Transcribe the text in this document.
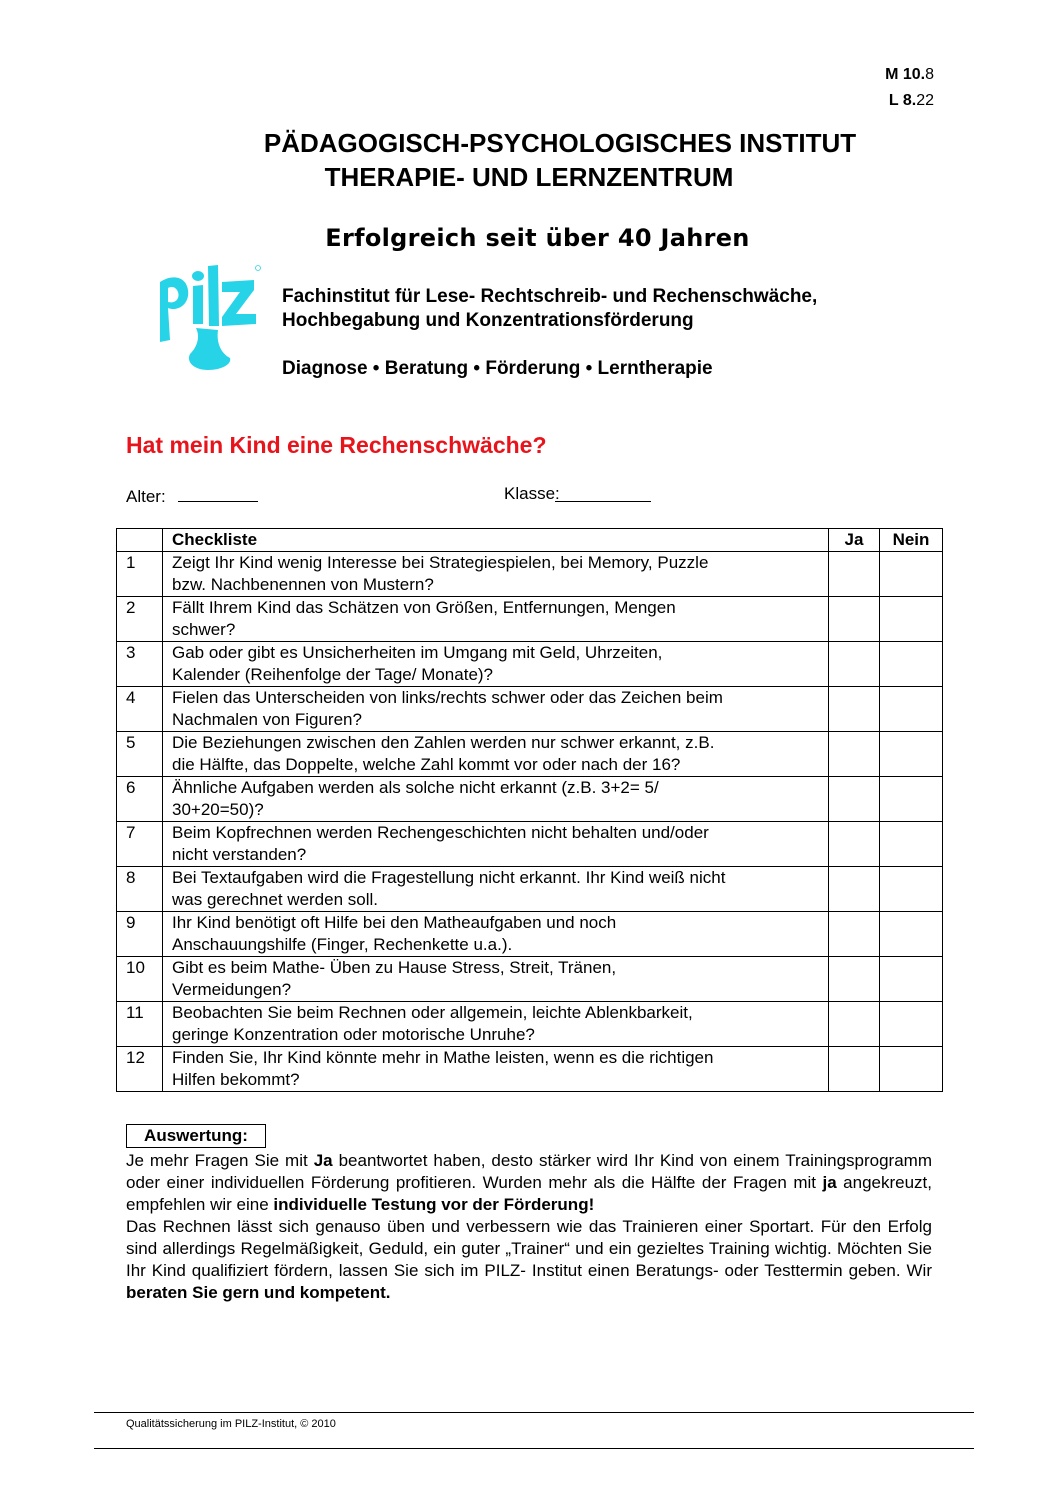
M 10.8
L 8.22
PÄDAGOGISCH-PSYCHOLOGISCHES INSTITUT
THERAPIE- UND LERNZENTRUM
Erfolgreich seit über 40 Jahren
Fachinstitut für Lese- Rechtschreib- und Rechenschwäche,
Hochbegabung und Konzentrationsförderung
Diagnose • Beratung • Förderung • Lerntherapie
Hat mein Kind eine Rechenschwäche?
Alter:	Klasse:
	Checkliste	Ja	Nein
1	Zeigt Ihr Kind wenig Interesse bei Strategiespielen, bei Memory, Puzzle
bzw. Nachbenennen von Mustern?		

2	Fällt Ihrem Kind das Schätzen von Größen, Entfernungen, Mengen
schwer?		

3	Gab oder gibt es Unsicherheiten im Umgang mit Geld, Uhrzeiten,
Kalender (Reihenfolge der Tage/ Monate)?		

4	Fielen das Unterscheiden von links/rechts schwer oder das Zeichen beim
Nachmalen von Figuren?		

5	Die Beziehungen zwischen den Zahlen werden nur schwer erkannt, z.B.
die Hälfte, das Doppelte, welche Zahl kommt vor oder nach der 16?		

6	Ähnliche Aufgaben werden als solche nicht erkannt (z.B. 3+2= 5/
30+20=50)?		

7	Beim Kopfrechnen werden Rechengeschichten nicht behalten und/oder
nicht verstanden?		

8	Bei Textaufgaben wird die Fragestellung nicht erkannt. Ihr Kind weiß nicht
was gerechnet werden soll.		

9	Ihr Kind benötigt oft Hilfe bei den Matheaufgaben und noch
Anschauungshilfe (Finger, Rechenkette u.a.).		

10	Gibt es beim Mathe- Üben zu Hause Stress, Streit, Tränen,
Vermeidungen?		

11	Beobachten Sie beim Rechnen oder allgemein, leichte Ablenkbarkeit,
geringe Konzentration oder motorische Unruhe?		

12	Finden Sie, Ihr Kind könnte mehr in Mathe leisten, wenn es die richtigen
Hilfen bekommt?		

Auswertung:

Je mehr Fragen Sie mit Ja beantwortet haben, desto stärker wird Ihr Kind von einem Trainingsprogramm oder einer individuellen Förderung profitieren. Wurden mehr als die Hälfte der Fragen mit ja angekreuzt, empfehlen wir eine individuelle Testung vor der Förderung!

Das Rechnen lässt sich genauso üben und verbessern wie das Trainieren einer Sportart. Für den Erfolg sind allerdings Regelmäßigkeit, Geduld, ein guter „Trainer“ und ein gezieltes Training wichtig. Möchten Sie Ihr Kind qualifiziert fördern, lassen Sie sich im PILZ- Institut einen Beratungs- oder Testtermin geben. Wir beraten Sie gern und kompetent.

Qualitätssicherung im PILZ-Institut, © 2010
